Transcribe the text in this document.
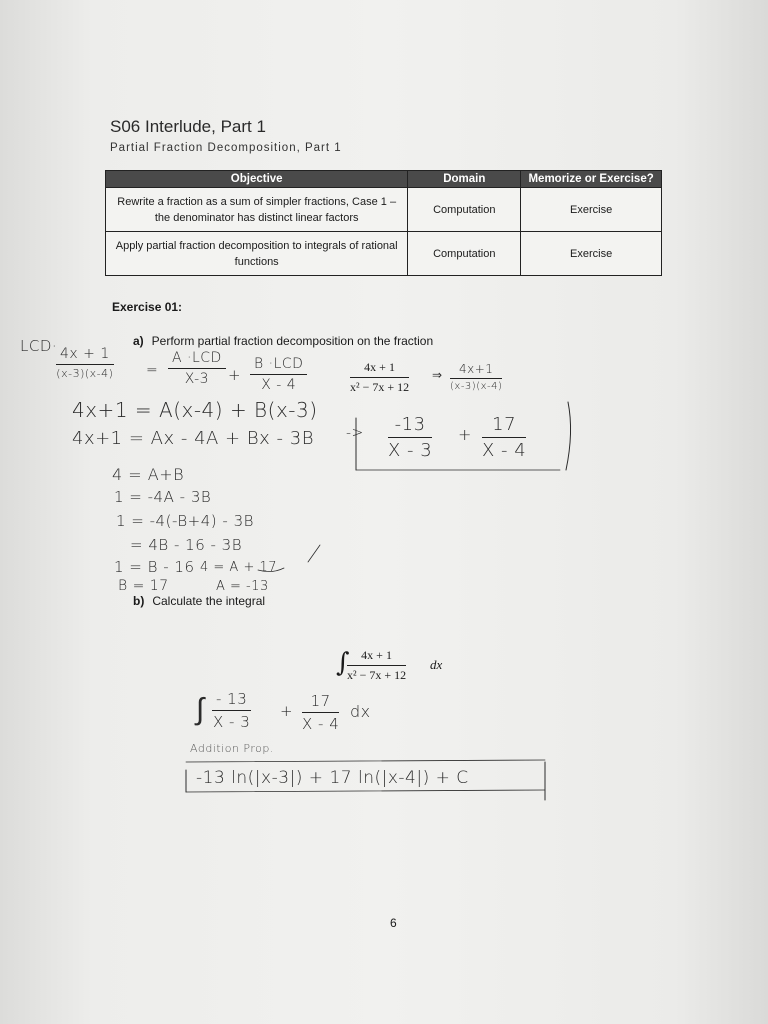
S06 Interlude, Part 1
Partial Fraction Decomposition, Part 1
Objective	Domain	Memorize or Exercise?
Rewrite a fraction as a sum of simpler fractions, Case 1 – the denominator has distinct linear factors	Computation	Exercise
Apply partial fraction decomposition to integrals of rational functions	Computation	Exercise
Exercise 01:
a) Perform partial fraction decomposition on the fraction
$\frac{4x + 1}{\text{x² − 7x + 12}}$
b) Calculate the integral
∫
$\frac{4x + 1}{\text{x² − 7x + 12}}$ dx
LCD· 4x + 1
(x-3)(x-4) =
A ·LCD
X-3	+
B ·LCD
X - 4
⇒	4x+1
(x-3)(x-4)
4x+1 = A(x-4) + B(x-3)
4x+1 = Ax - 4A + Bx - 3B
4 = A+B
1 = -4A - 3B
1 = -4(-B+4) - 3B
= 4B - 16 - 3B
1 = B - 16 4 = A + 17
B = 17	A = -13
-> $\frac{-13}{X - 3} + \frac{17}{X - 4}$
∫ $\frac{- 13}{X - 3} + \frac{17}{X - 4}$ dx
Addition Prop.
-13 ln(|x-3|) + 17 ln(|x-4|) + C
6
